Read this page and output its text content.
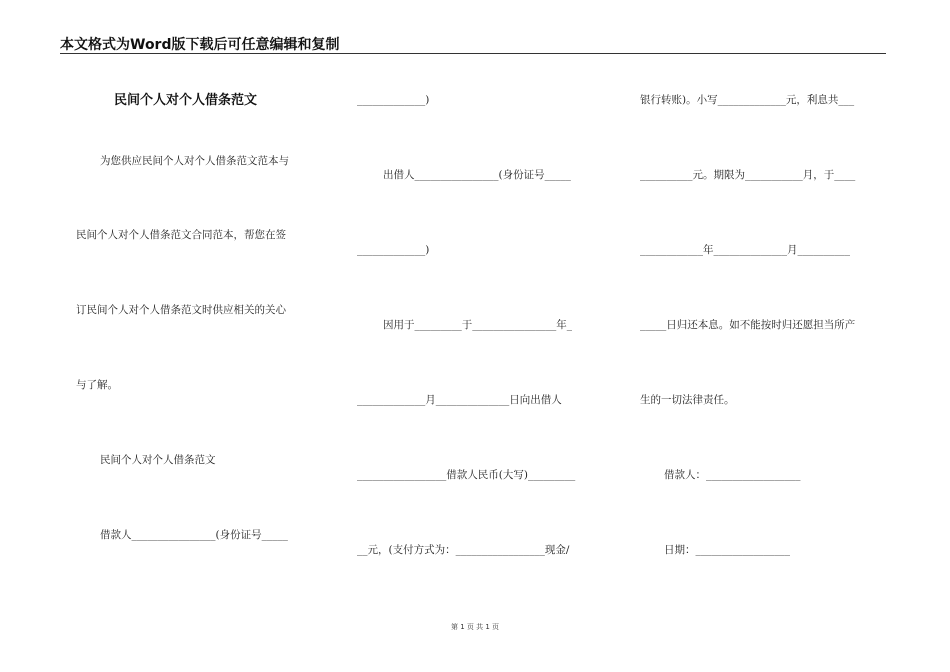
本文格式为Word版下载后可任意编辑和复制
民间个人对个人借条范文
为您供应民间个人对个人借条范文范本与
民间个人对个人借条范文合同范本，帮您在签
订民间个人对个人借条范文时供应相关的关心
与了解。
民间个人对个人借条范文
借款人________________(身份证号_____
_____________)
出借人________________(身份证号_____
_____________)
因用于_________于________________年_
_____________月______________日向出借人
_________________借款人民币(大写)_________
__元，(支付方式为：_________________现金/
银行转账)。小写_____________元，利息共___
__________元。期限为___________月，于____
____________年______________月__________
_____日归还本息。如不能按时归还愿担当所产
生的一切法律责任。
借款人：__________________
日期：__________________
第 1 页 共 1 页
